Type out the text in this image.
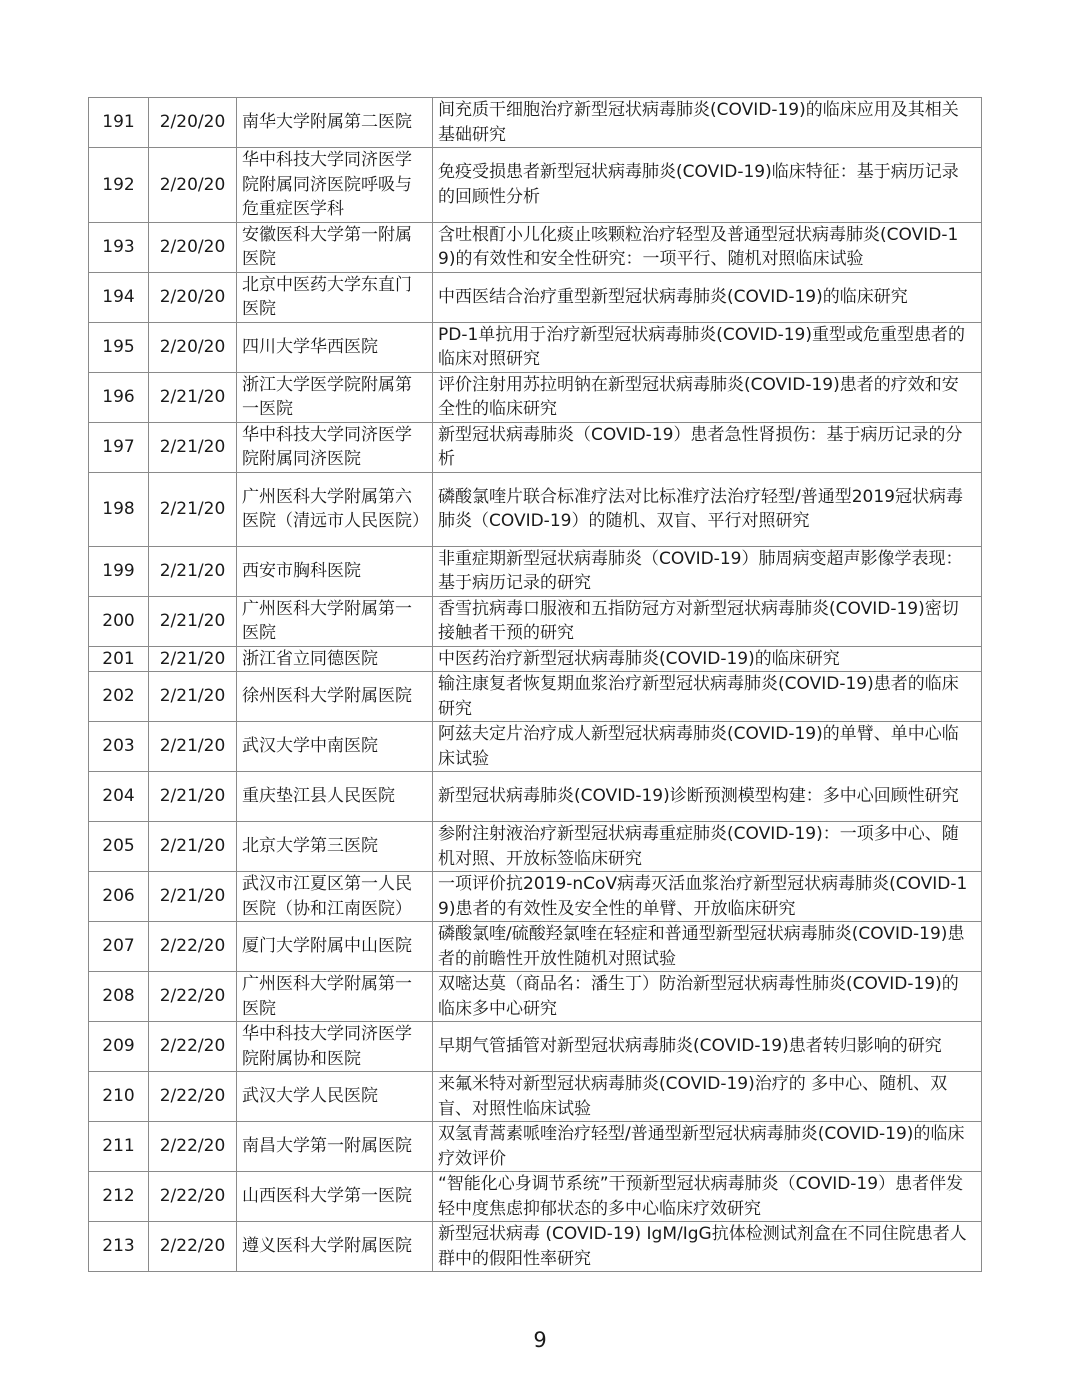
191	2/20/20	南华大学附属第二医院	间充质干细胞治疗新型冠状病毒肺炎(COVID-19)的临床应用及其相关基础研究
192	2/20/20	华中科技大学同济医学院附属同济医院呼吸与危重症医学科	免疫受损患者新型冠状病毒肺炎(COVID-19)临床特征：基于病历记录的回顾性分析
193	2/20/20	安徽医科大学第一附属医院	含吐根酊小儿化痰止咳颗粒治疗轻型及普通型冠状病毒肺炎(COVID-19)的有效性和安全性研究：一项平行、随机对照临床试验
194	2/20/20	北京中医药大学东直门医院	中西医结合治疗重型新型冠状病毒肺炎(COVID-19)的临床研究
195	2/20/20	四川大学华西医院	PD-1单抗用于治疗新型冠状病毒肺炎(COVID-19)重型或危重型患者的临床对照研究
196	2/21/20	浙江大学医学院附属第一医院	评价注射用苏拉明钠在新型冠状病毒肺炎(COVID-19)患者的疗效和安全性的临床研究
197	2/21/20	华中科技大学同济医学院附属同济医院	新型冠状病毒肺炎（COVID-19）患者急性肾损伤：基于病历记录的分析
198	2/21/20	广州医科大学附属第六医院（清远市人民医院）	磷酸氯喹片联合标准疗法对比标准疗法治疗轻型/普通型2019冠状病毒肺炎（COVID-19）的随机、双盲、平行对照研究
199	2/21/20	西安市胸科医院	非重症期新型冠状病毒肺炎（COVID-19）肺周病变超声影像学表现：基于病历记录的研究
200	2/21/20	广州医科大学附属第一医院	香雪抗病毒口服液和五指防冠方对新型冠状病毒肺炎(COVID-19)密切接触者干预的研究
201	2/21/20	浙江省立同德医院	中医药治疗新型冠状病毒肺炎(COVID-19)的临床研究
202	2/21/20	徐州医科大学附属医院	输注康复者恢复期血浆治疗新型冠状病毒肺炎(COVID-19)患者的临床研究
203	2/21/20	武汉大学中南医院	阿兹夫定片治疗成人新型冠状病毒肺炎(COVID-19)的单臂、单中心临床试验
204	2/21/20	重庆垫江县人民医院	新型冠状病毒肺炎(COVID-19)诊断预测模型构建：多中心回顾性研究
205	2/21/20	北京大学第三医院	参附注射液治疗新型冠状病毒重症肺炎(COVID-19)：一项多中心、随机对照、开放标签临床研究
206	2/21/20	武汉市江夏区第一人民医院（协和江南医院）	一项评价抗2019-nCoV病毒灭活血浆治疗新型冠状病毒肺炎(COVID-19)患者的有效性及安全性的单臂、开放临床研究
207	2/22/20	厦门大学附属中山医院	磷酸氯喹/硫酸羟氯喹在轻症和普通型新型冠状病毒肺炎(COVID-19)患者的前瞻性开放性随机对照试验
208	2/22/20	广州医科大学附属第一医院	双嘧达莫（商品名：潘生丁）防治新型冠状病毒性肺炎(COVID-19)的临床多中心研究
209	2/22/20	华中科技大学同济医学院附属协和医院	早期气管插管对新型冠状病毒肺炎(COVID-19)患者转归影响的研究
210	2/22/20	武汉大学人民医院	来氟米特对新型冠状病毒肺炎(COVID-19)治疗的 多中心、随机、双盲、对照性临床试验
211	2/22/20	南昌大学第一附属医院	双氢青蒿素哌喹治疗轻型/普通型新型冠状病毒肺炎(COVID-19)的临床疗效评价
212	2/22/20	山西医科大学第一医院	“智能化心身调节系统”干预新型冠状病毒肺炎（COVID-19）患者伴发轻中度焦虑抑郁状态的多中心临床疗效研究
213	2/22/20	遵义医科大学附属医院	新型冠状病毒 (COVID-19) IgM/IgG抗体检测试剂盒在不同住院患者人群中的假阳性率研究
9
